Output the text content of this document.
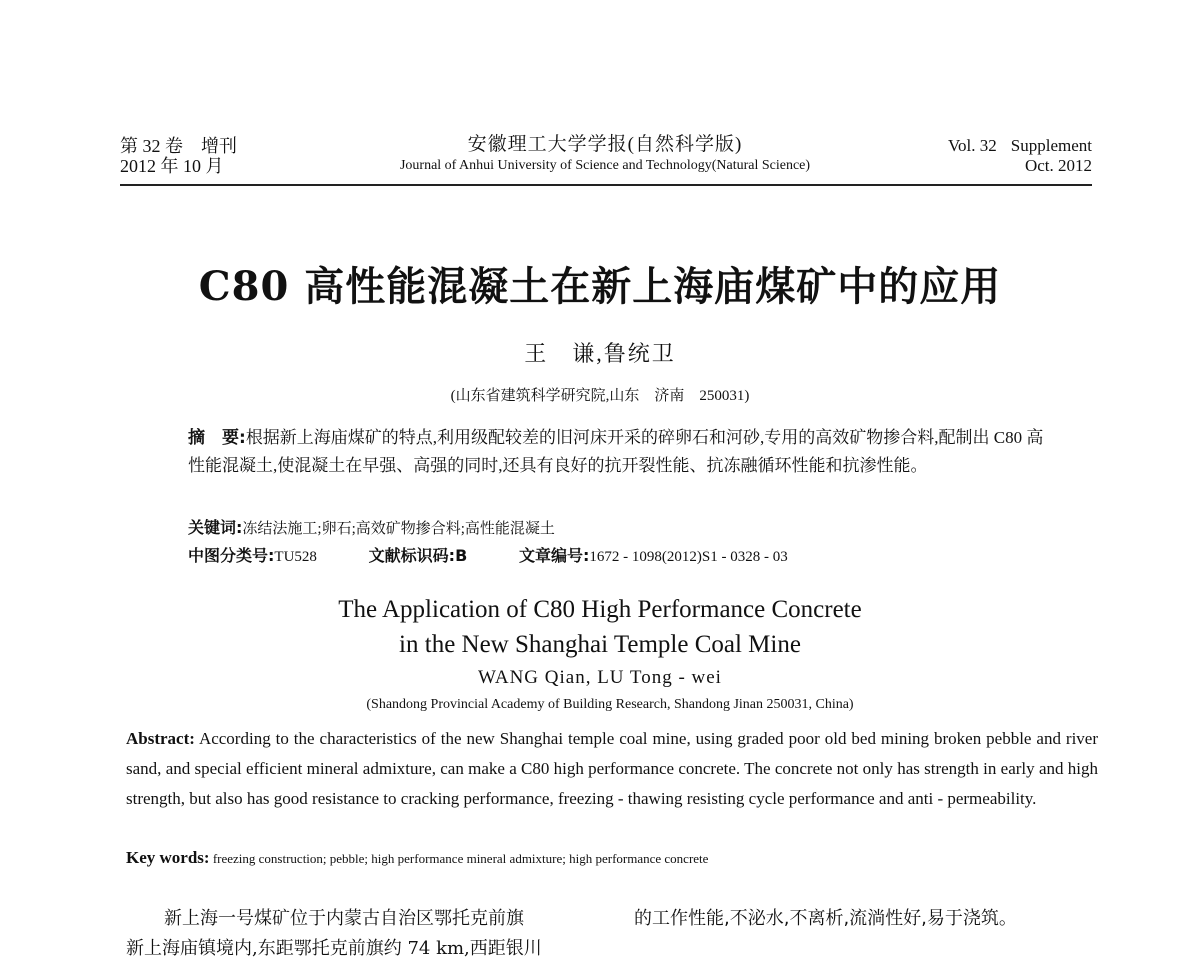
第 32 卷　增刊
2012 年 10 月
安徽理工大学学报(自然科学版)
Journal of Anhui University of Science and Technology(Natural Science)
Vol. 32 Supplement
Oct. 2012
C80 高性能混凝土在新上海庙煤矿中的应用
王　谦,鲁统卫
(山东省建筑科学研究院,山东　济南　250031)
摘　要:根据新上海庙煤矿的特点,利用级配较差的旧河床开采的碎卵石和河砂,专用的高效矿物掺合料,配制出 C80 高性能混凝土,使混凝土在早强、高强的同时,还具有良好的抗开裂性能、抗冻融循环性能和抗渗性能。
关键词:冻结法施工;卵石;高效矿物掺合料;高性能混凝土
中图分类号:TU528	文献标识码:B	文章编号:1672 - 1098(2012)S1 - 0328 - 03
The Application of C80 High Performance Concrete
in the New Shanghai Temple Coal Mine
WANG Qian, LU Tong - wei
(Shandong Provincial Academy of Building Research, Shandong Jinan 250031, China)
Abstract: According to the characteristics of the new Shanghai temple coal mine, using graded poor old bed mining broken pebble and river sand, and special efficient mineral admixture, can make a C80 high performance concrete. The concrete not only has strength in early and high strength, but also has good resistance to cracking performance, freezing - thawing resisting cycle performance and anti - permeability.
Key words: freezing construction; pebble; high performance mineral admixture; high performance concrete

新上海一号煤矿位于内蒙古自治区鄂托克前旗

新上海庙镇境内,东距鄂托克前旗约 74 km,西距银川

的工作性能,不泌水,不离析,流淌性好,易于浇筑。
